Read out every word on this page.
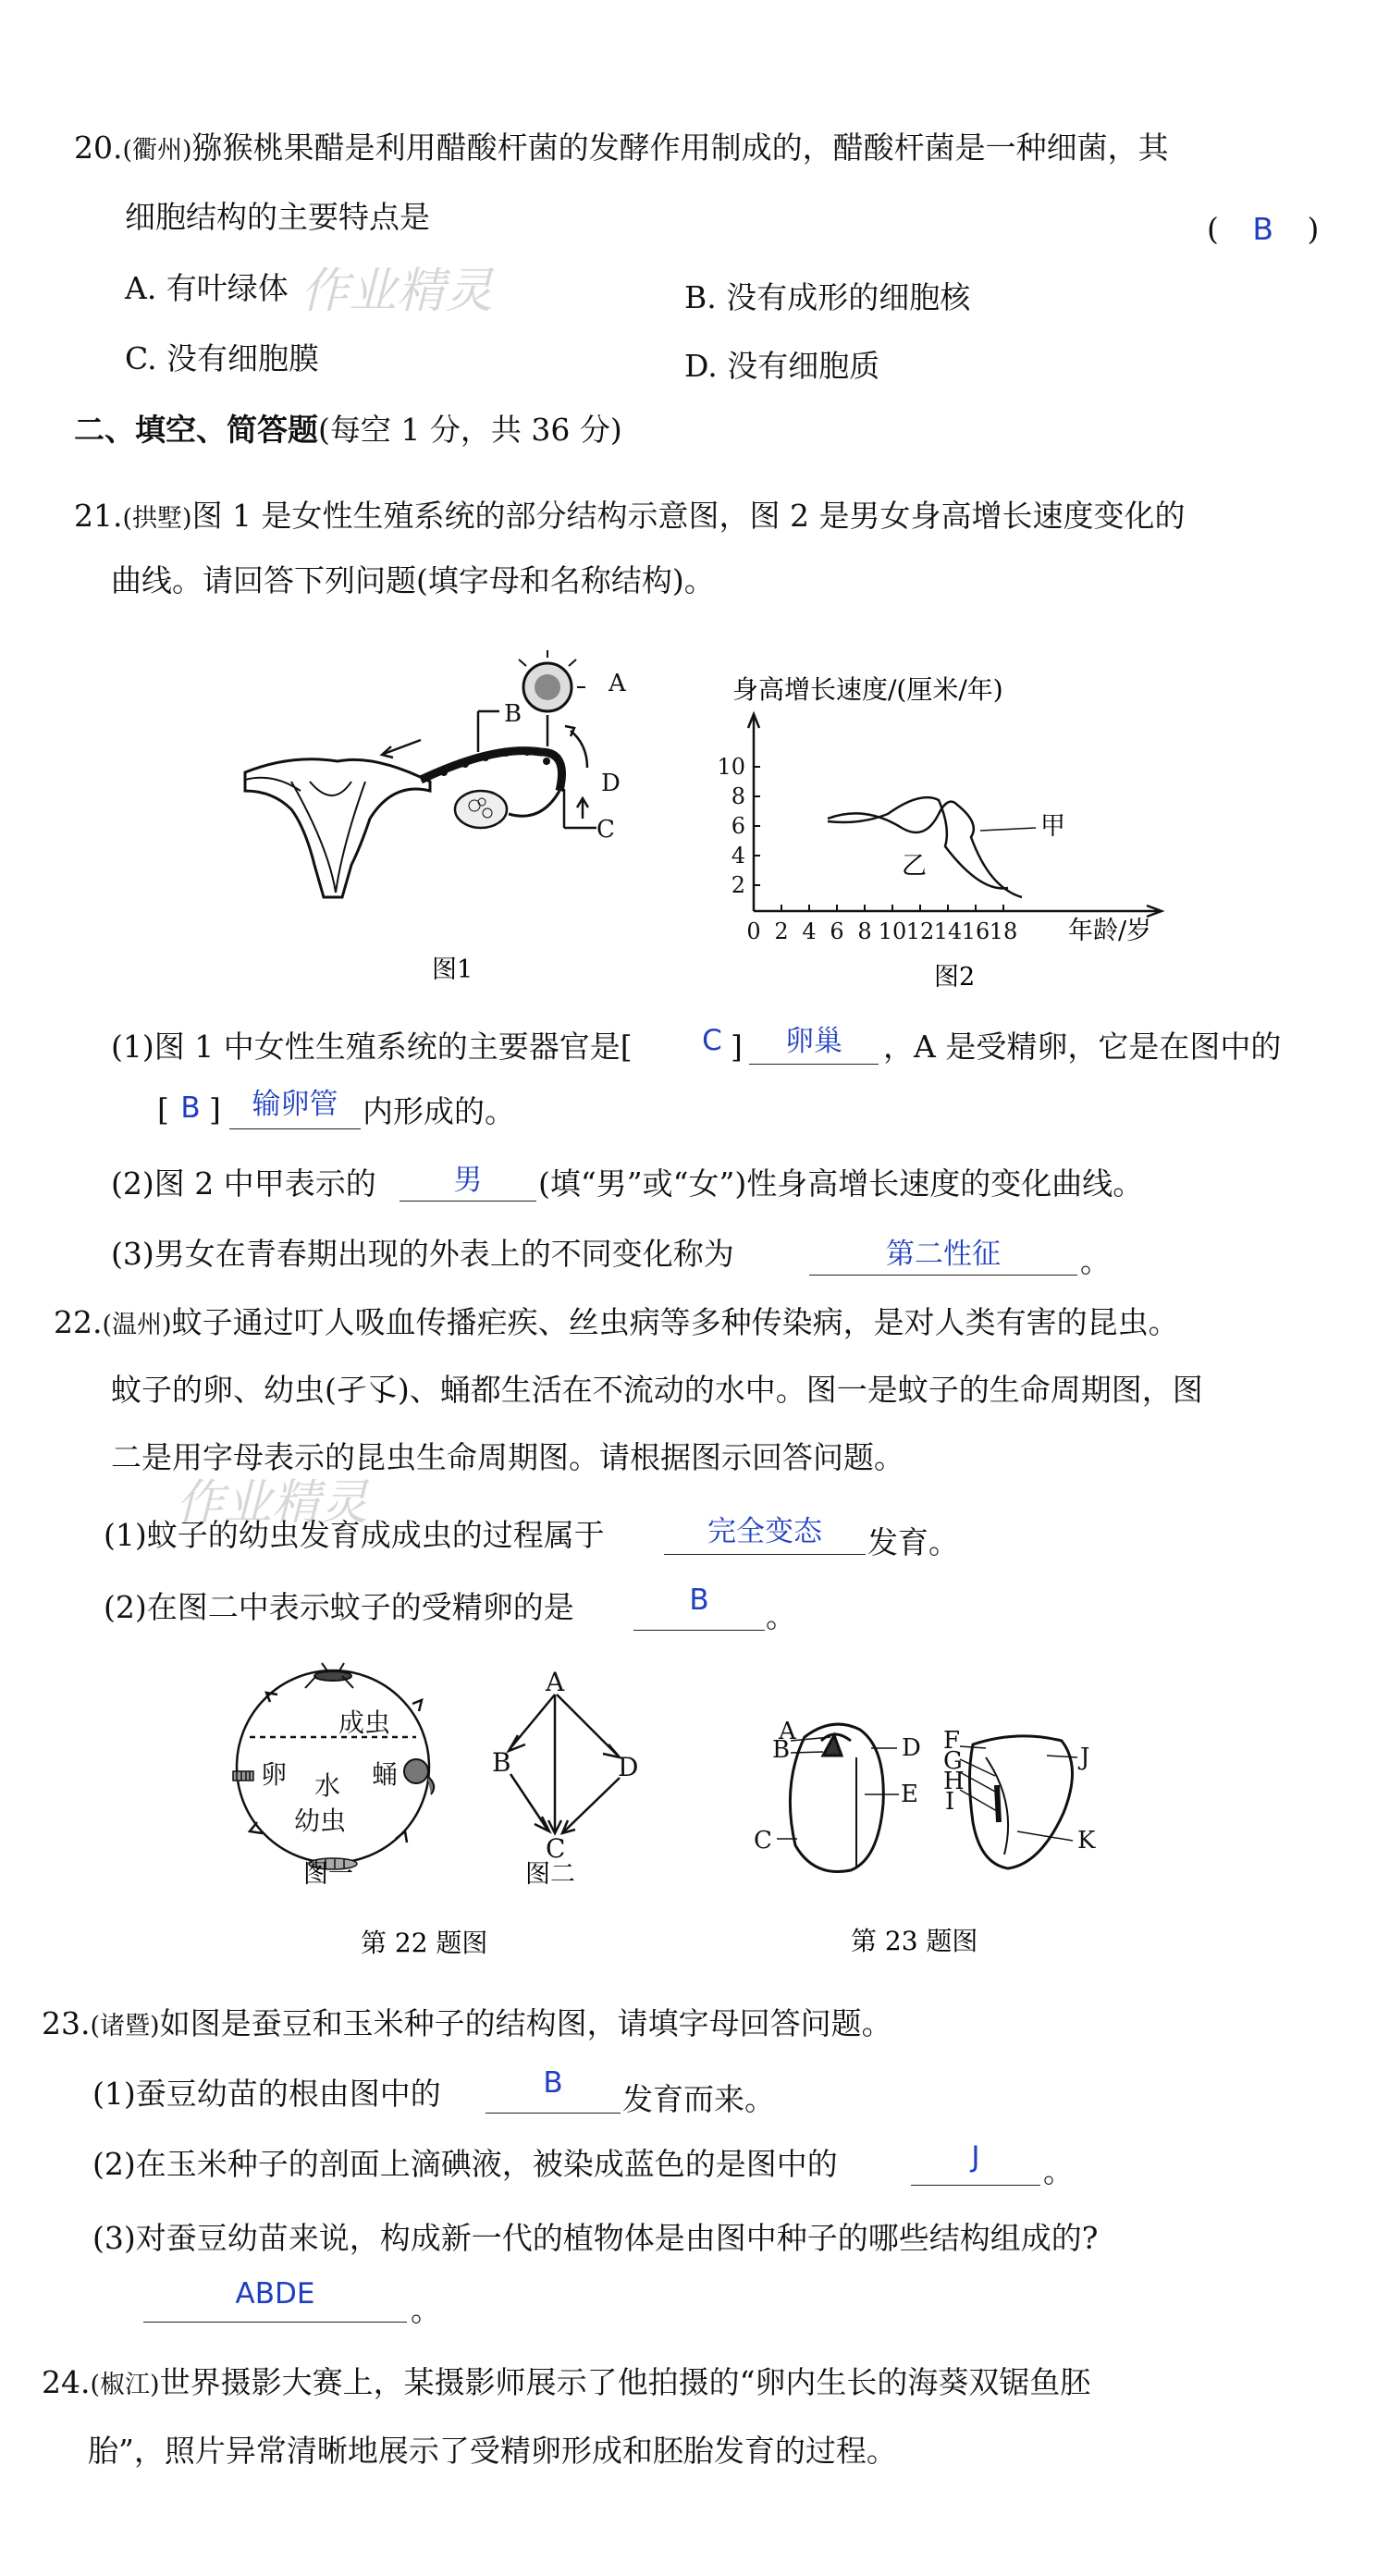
20.(衢州)猕猴桃果醋是利用醋酸杆菌的发酵作用制成的，醋酸杆菌是一种细菌，其
细胞结构的主要特点是	( B )
A. 有叶绿体	B. 没有成形的细胞核
C. 没有细胞膜	D. 没有细胞质
作业精灵
二、填空、简答题(每空 1 分，共 36 分)
21.(拱墅)图 1 是女性生殖系统的部分结构示意图，图 2 是男女身高增长速度变化的
曲线。请回答下列问题(填字母和名称结构)。
A
B
C
D
图1
身高增长速度/(厘米/年)
10
8
6
4
2
0 2 4 6 8 10 12 14 16 18 年龄/岁
甲
乙
图2
(1)图 1 中女性生殖系统的主要器官是[ C ]	卵巢	，A 是受精卵，它是在图中的
[ B ]	输卵管 内形成的。
(2)图 2 中甲表示的	男	(填“男”或“女”)性身高增长速度的变化曲线。
(3)男女在青春期出现的外表上的不同变化称为	第二性征	。
22.(温州)蚊子通过叮人吸血传播疟疾、丝虫病等多种传染病，是对人类有害的昆虫。
蚊子的卵、幼虫(孑孓)、蛹都生活在不流动的水中。图一是蚊子的生命周期图，图
二是用字母表示的昆虫生命周期图。请根据图示回答问题。
作业精灵
(1)蚊子的幼虫发育成成虫的过程属于	完全变态	发育。
(2)在图二中表示蚊子的受精卵的是	B	。
成虫
卵 水 蛹
幼虫
图一
A
B
C
D
图二
第 22 题图
A
B
C
D
E
F
G
H
I
J
K
第 23 题图
23.(诸暨)如图是蚕豆和玉米种子的结构图，请填字母回答问题。
(1)蚕豆幼苗的根由图中的	B	发育而来。
(2)在玉米种子的剖面上滴碘液，被染成蓝色的是图中的	J	。
(3)对蚕豆幼苗来说，构成新一代的植物体是由图中种子的哪些结构组成的?
ABDE	。
24.(椒江)世界摄影大赛上，某摄影师展示了他拍摄的“卵内生长的海葵双锯鱼胚
胎”，照片异常清晰地展示了受精卵形成和胚胎发育的过程。
